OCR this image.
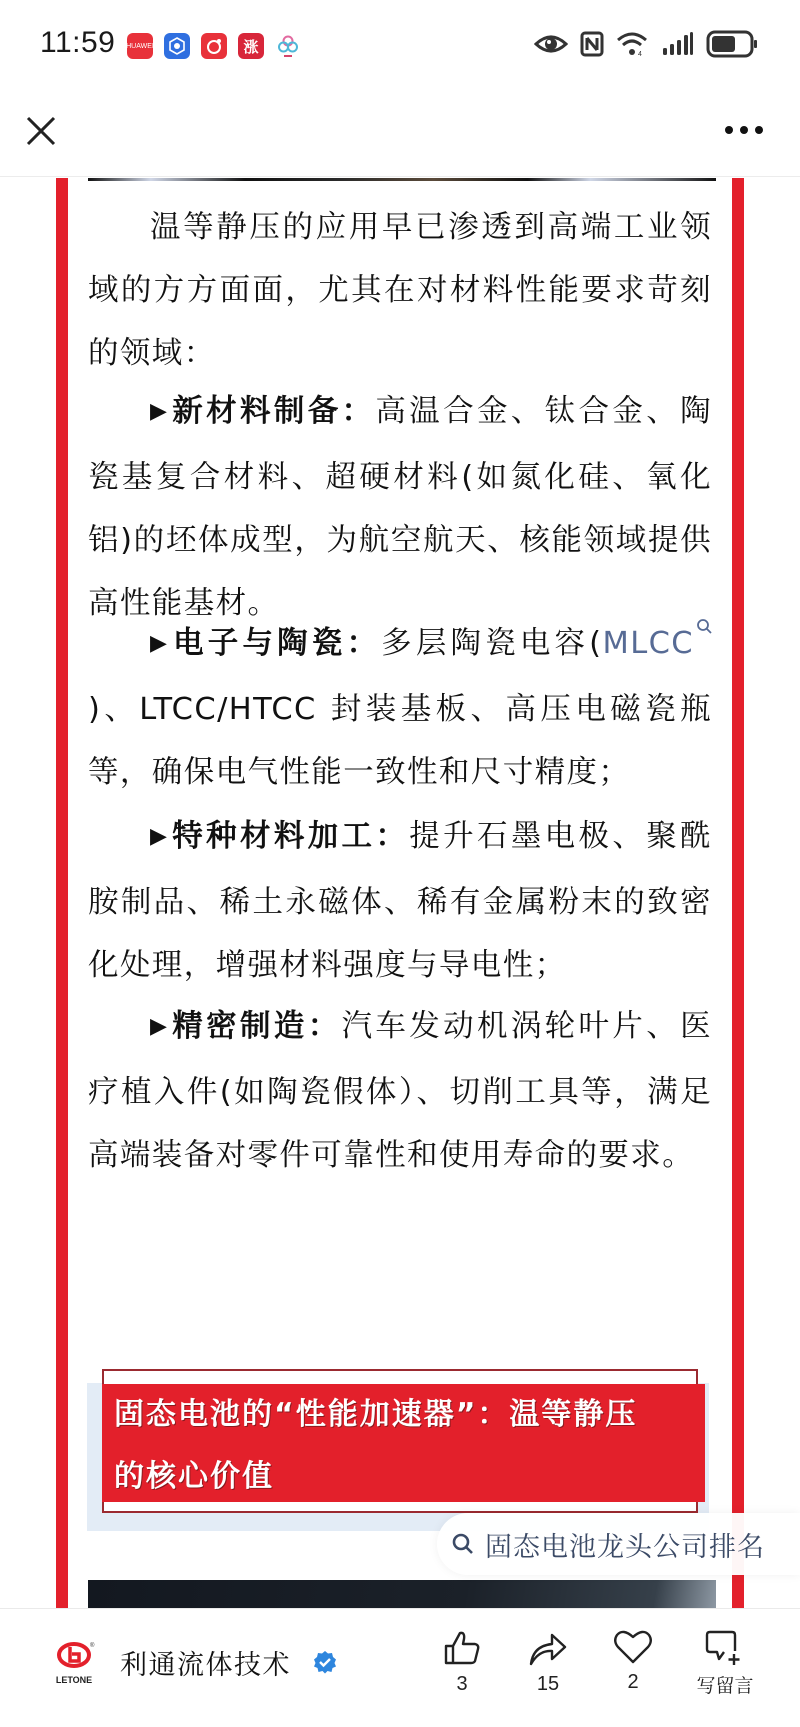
11:59 HUAWEI	涨	4
温等静压的应用早已渗透到高端工业领域的方方面面，尤其在对材料性能要求苛刻的领域：
▶新材料制备：高温合金、钛合金、陶瓷基复合材料、超硬材料(如氮化硅、氧化铝)的坯体成型，为航空航天、核能领域提供高性能基材。
▶电子与陶瓷：多层陶瓷电容(MLCC)、LTCC/HTCC 封装基板、高压电磁瓷瓶等，确保电气性能一致性和尺寸精度；
▶特种材料加工：提升石墨电极、聚酰胺制品、稀土永磁体、稀有金属粉末的致密化处理，增强材料强度与导电性；
▶精密制造：汽车发动机涡轮叶片、医疗植入件(如陶瓷假体）、切削工具等，满足高端装备对零件可靠性和使用寿命的要求。
固态电池的“性能加速器”：温等静压
的核心价值
固态电池龙头公司排名
®
LETONE 利通流体技术
3	15	2	写留言
